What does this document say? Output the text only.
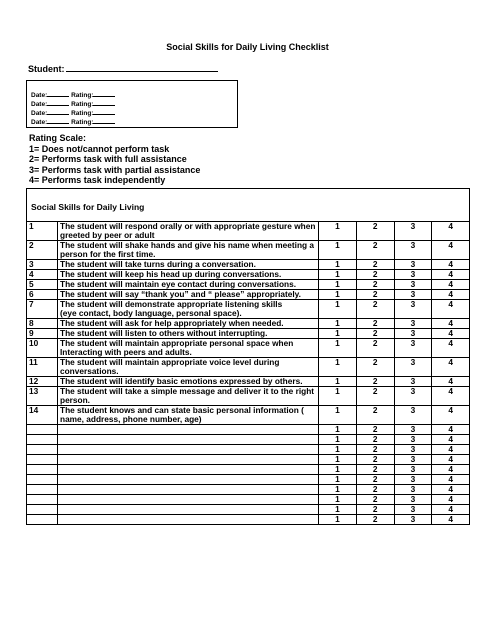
Social Skills for Daily Living Checklist
Student:
Date:	Rating:
Date:	Rating:
Date:	Rating:
Date:	Rating:
Rating Scale:
1= Does not/cannot perform task
2= Performs task with full assistance
3= Performs task with partial assistance
4= Performs task independently
Social Skills for Daily Living
1	The student will respond orally or with appropriate gesture when greeted by peer or adult	1	2	3	4
2	The student will shake hands and give his name when meeting a person for the first time.	1	2	3	4
3	The student will take turns during a conversation.	1	2	3	4
4	The student will keep his head up during conversations.	1	2	3	4
5	The student will maintain eye contact during conversations.	1	2	3	4
6	The student will say “thank you” and “ please” appropriately.	1	2	3	4
7	The student will demonstrate appropriate listening skills
(eye contact, body language, personal space).	1	2	3	4
8	The student will ask for help appropriately when needed.	1	2	3	4
9	The student will listen to others without interrupting.	1	2	3	4
10	The student will maintain appropriate personal space when
Interacting with peers and adults.	1	2	3	4
11	The student will maintain appropriate voice level during conversations.	1	2	3	4
12	The student will identify basic emotions expressed by others.	1	2	3	4
13	The student will take a simple message and deliver it to the right person.	1	2	3	4
14	The student knows and can state basic personal information ( name, address, phone number, age)	1	2	3	4
		1	2	3	4
		1	2	3	4
		1	2	3	4
		1	2	3	4
		1	2	3	4
		1	2	3	4
		1	2	3	4
		1	2	3	4
		1	2	3	4
		1	2	3	4
